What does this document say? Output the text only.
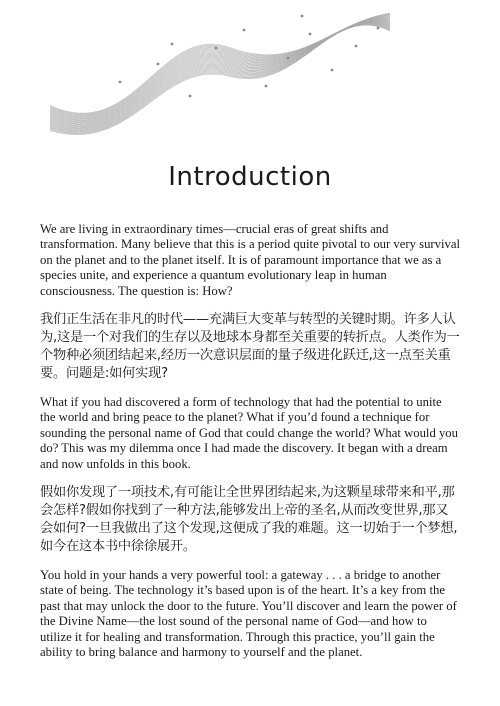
Introduction

We are living in extraordinary times—crucial eras of great shifts and transformation. Many believe that this is a period quite pivotal to our very survival on the planet and to the planet itself. It is of paramount importance that we as a species unite, and experience a quantum evolutionary leap in human consciousness. The question is: How?

我们正生活在非凡的时代——充满巨大变革与转型的关键时期。许多人认为,这是一个对我们的生存以及地球本身都至关重要的转折点。人类作为一个物种必须团结起来,经历一次意识层面的量子级进化跃迁,这一点至关重要。问题是:如何实现?

What if you had discovered a form of technology that had the potential to unite the world and bring peace to the planet? What if you’d found a technique for sounding the personal name of God that could change the world? What would you do? This was my dilemma once I had made the discovery. It began with a dream and now unfolds in this book.

假如你发现了一项技术,有可能让全世界团结起来,为这颗星球带来和平,那会怎样?假如你找到了一种方法,能够发出上帝的圣名,从而改变世界,那又会如何?一旦我做出了这个发现,这便成了我的难题。这一切始于一个梦想,如今在这本书中徐徐展开。

You hold in your hands a very powerful tool: a gateway . . . a bridge to another state of being. The technology it’s based upon is of the heart. It’s a key from the past that may unlock the door to the future. You’ll discover and learn the power of the Divine Name—the lost sound of the personal name of God—and how to utilize it for healing and transformation. Through this practice, you’ll gain the ability to bring balance and harmony to yourself and the planet.
